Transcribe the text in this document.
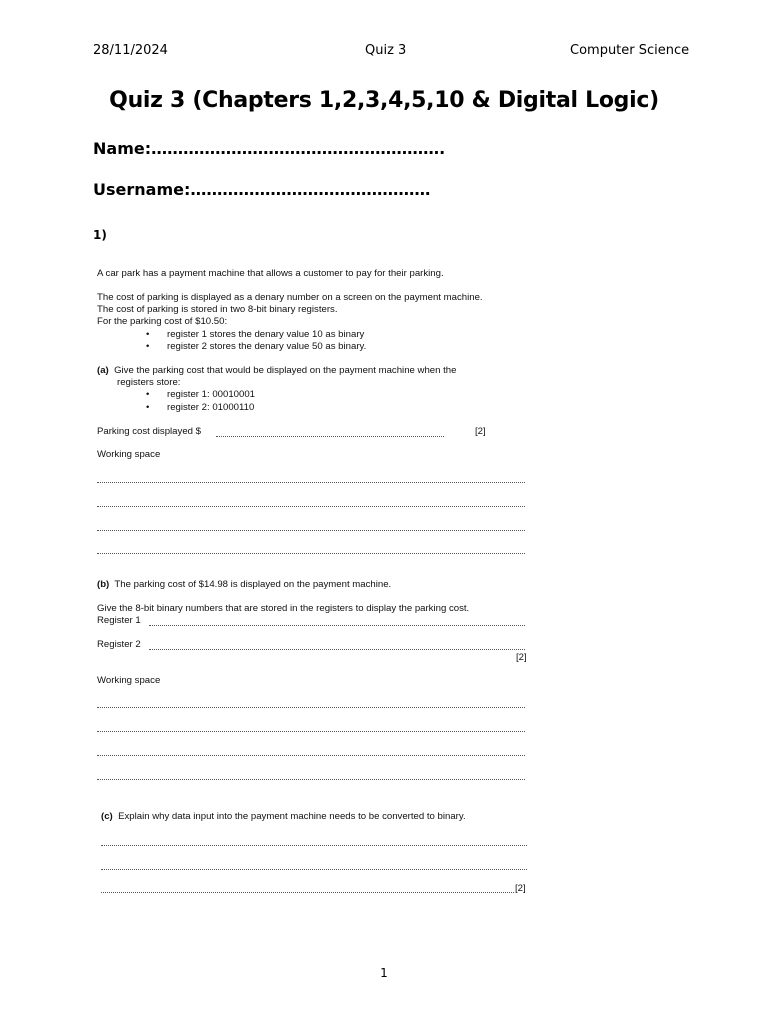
28/11/2024	Quiz 3	Computer Science
Quiz 3 (Chapters 1,2,3,4,5,10 & Digital Logic)
Name:……………………………………………….
Username:………………………………………
1)
A car park has a payment machine that allows a customer to pay for their parking.
The cost of parking is displayed as a denary number on a screen on the payment machine.
The cost of parking is stored in two 8-bit binary registers.
For the parking cost of $10.50:
• register 1 stores the denary value 10 as binary
• register 2 stores the denary value 50 as binary.
(a) Give the parking cost that would be displayed on the payment machine when the
registers store:
• register 1: 00010001
• register 2: 01000110
Parking cost displayed $	[2]
Working space
(b) The parking cost of $14.98 is displayed on the payment machine.
Give the 8-bit binary numbers that are stored in the registers to display the parking cost.
Register 1
Register 2
[2]
Working space
(c) Explain why data input into the payment machine needs to be converted to binary.
[2]
1
